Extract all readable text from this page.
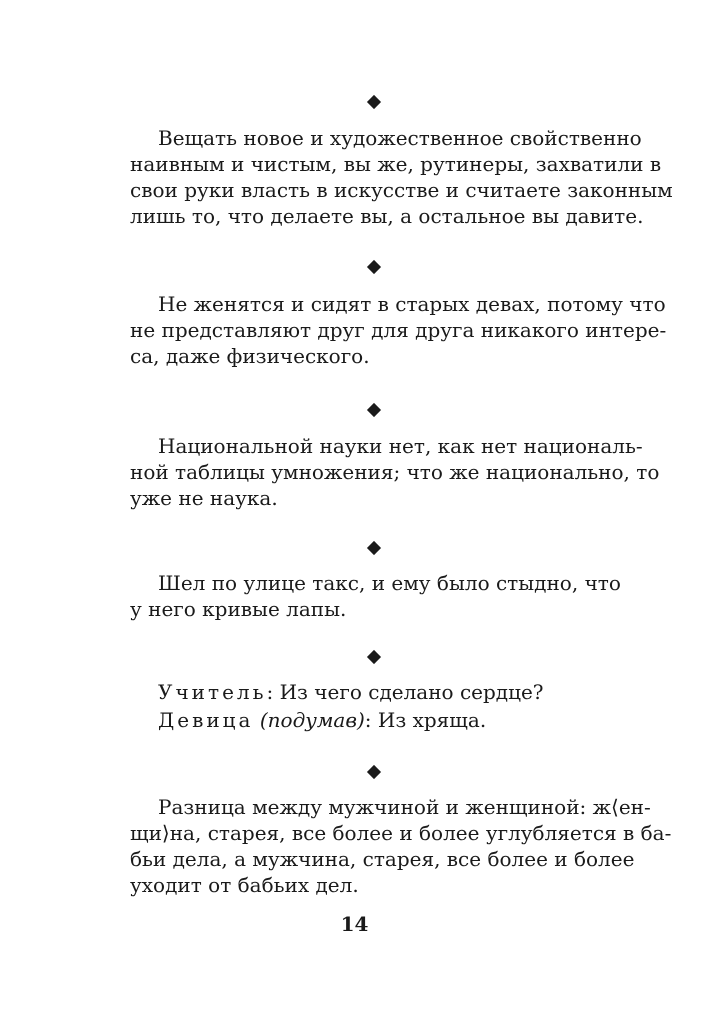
Вещать новое и художественное свойственно
наивным и чистым, вы же, рутинеры, захватили в
свои руки власть в искусстве и считаете законным
лишь то, что делаете вы, а остальное вы давите.
Не женятся и сидят в старых девах, потому что
не представляют друг для друга никакого интере-
са, даже физического.
Национальной науки нет, как нет националь-
ной таблицы умножения; что же национально, то
уже не наука.
Шел по улице такс, и ему было стыдно, что
у него кривые лапы.
Учитель: Из чего сделано сердце?
Девица (подумав): Из хряща.
Разница между мужчиной и женщиной: ж⟨ен-
щи⟩на, старея, все более и более углубляется в ба-
бьи дела, а мужчина, старея, все более и более
уходит от бабьих дел.
14
